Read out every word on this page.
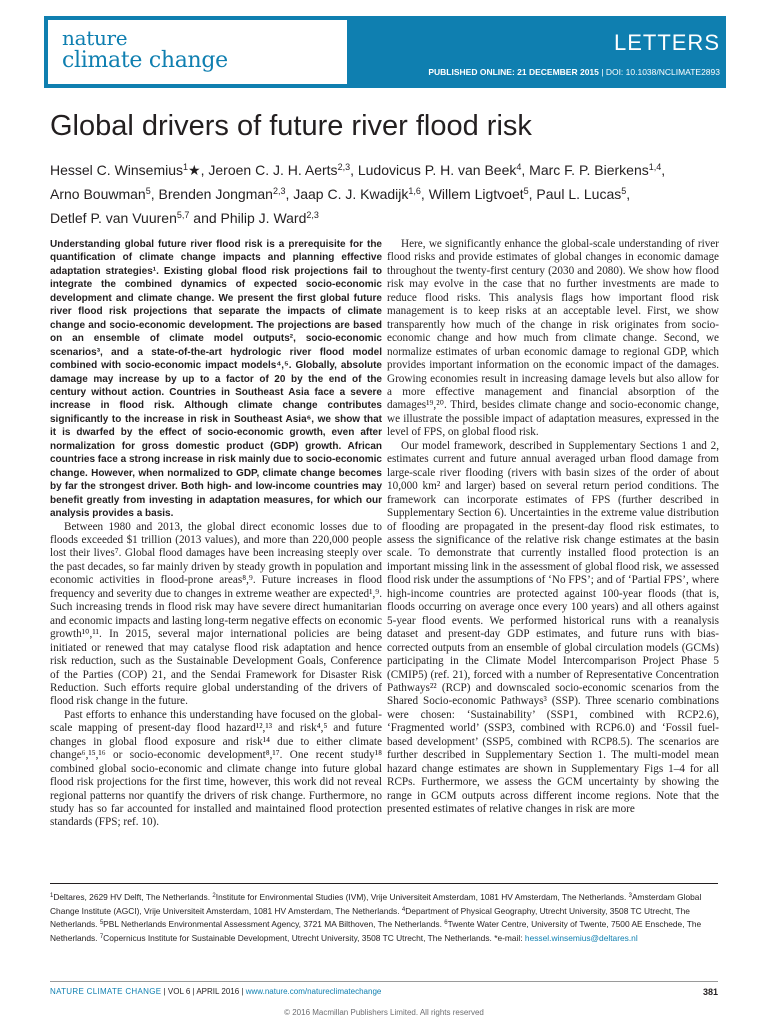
nature
climate change
LETTERS
PUBLISHED ONLINE: 21 DECEMBER 2015 | DOI: 10.1038/NCLIMATE2893
Global drivers of future river flood risk
Hessel C. Winsemius$^1$★, Jeroen C. J. H. Aerts$^{2,3}$, Ludovicus P. H. van Beek$^4$, Marc F. P. Bierkens$^{1,4}$, Arno Bouwman$^5$, Brenden Jongman$^{2,3}$, Jaap C. J. Kwadijk$^{1,6}$, Willem Ligtvoet$^5$, Paul L. Lucas$^5$, Detlef P. van Vuuren$^{5,7}$ and Philip J. Ward$^{2,3}$

Understanding global future river flood risk is a prerequisite for the quantification of climate change impacts and planning effective adaptation strategies¹. Existing global flood risk projections fail to integrate the combined dynamics of expected socio-economic development and climate change. We present the first global future river flood risk projections that separate the impacts of climate change and socio-economic development. The projections are based on an ensemble of climate model outputs², socio-economic scenarios³, and a state-of-the-art hydrologic river flood model combined with socio-economic impact models⁴,⁵. Globally, absolute damage may increase by up to a factor of 20 by the end of the century without action. Countries in Southeast Asia face a severe increase in flood risk. Although climate change contributes significantly to the increase in risk in Southeast Asia⁶, we show that it is dwarfed by the effect of socio-economic growth, even after normalization for gross domestic product (GDP) growth. African countries face a strong increase in risk mainly due to socio-economic change. However, when normalized to GDP, climate change becomes by far the strongest driver. Both high- and low-income countries may benefit greatly from investing in adaptation measures, for which our analysis provides a basis.

Between 1980 and 2013, the global direct economic losses due to floods exceeded $1 trillion (2013 values), and more than 220,000 people lost their lives⁷. Global flood damages have been increasing steeply over the past decades, so far mainly driven by steady growth in population and economic activities in flood-prone areas⁸,⁹. Future increases in flood frequency and severity due to changes in extreme weather are expected¹,⁹. Such increasing trends in flood risk may have severe direct humanitarian and economic impacts and lasting long-term negative effects on economic growth¹⁰,¹¹. In 2015, several major international policies are being initiated or renewed that may catalyse flood risk adaptation and hence risk reduction, such as the Sustainable Development Goals, Conference of the Parties (COP) 21, and the Sendai Framework for Disaster Risk Reduction. Such efforts require global understanding of the drivers of flood risk change in the future.

Past efforts to enhance this understanding have focused on the global-scale mapping of present-day flood hazard¹²,¹³ and risk⁴,⁵ and future changes in global flood exposure and risk¹⁴ due to either climate change⁶,¹⁵,¹⁶ or socio-economic development⁸,¹⁷. One recent study¹⁸ combined global socio-economic and climate change into future global flood risk projections for the first time, however, this work did not reveal regional patterns nor quantify the drivers of risk change. Furthermore, no study has so far accounted for installed and maintained flood protection standards (FPS; ref. 10).

Here, we significantly enhance the global-scale understanding of river flood risks and provide estimates of global changes in economic damage throughout the twenty-first century (2030 and 2080). We show how flood risk may evolve in the case that no further investments are made to reduce flood risks. This analysis flags how important flood risk management is to keep risks at an acceptable level. First, we show transparently how much of the change in risk originates from socio-economic change and how much from climate change. Second, we normalize estimates of urban economic damage to regional GDP, which provides important information on the economic impact of the damages. Growing economies result in increasing damage levels but also allow for a more effective management and financial absorption of the damages¹⁹,²⁰. Third, besides climate change and socio-economic change, we illustrate the possible impact of adaptation measures, expressed in the level of FPS, on global flood risk.

Our model framework, described in Supplementary Sections 1 and 2, estimates current and future annual averaged urban flood damage from large-scale river flooding (rivers with basin sizes of the order of about 10,000 km² and larger) based on several return period conditions. The framework can incorporate estimates of FPS (further described in Supplementary Section 6). Uncertainties in the extreme value distribution of flooding are propagated in the present-day flood risk estimates, to assess the significance of the relative risk change estimates at the basin scale. To demonstrate that currently installed flood protection is an important missing link in the assessment of global flood risk, we assessed flood risk under the assumptions of ‘No FPS’; and of ‘Partial FPS’, where high-income countries are protected against 100-year floods (that is, floods occurring on average once every 100 years) and all others against 5-year flood events. We performed historical runs with a reanalysis dataset and present-day GDP estimates, and future runs with bias-corrected outputs from an ensemble of global circulation models (GCMs) participating in the Climate Model Intercomparison Project Phase 5 (CMIP5) (ref. 21), forced with a number of Representative Concentration Pathways²² (RCP) and downscaled socio-economic scenarios from the Shared Socio-economic Pathways³ (SSP). Three scenario combinations were chosen: ‘Sustainability’ (SSP1, combined with RCP2.6), ‘Fragmented world’ (SSP3, combined with RCP6.0) and ‘Fossil fuel-based development’ (SSP5, combined with RCP8.5). The scenarios are further described in Supplementary Section 1. The multi-model mean hazard change estimates are shown in Supplementary Figs 1–4 for all RCPs. Furthermore, we assess the GCM uncertainty by showing the range in GCM outputs across different income regions. Note that the presented estimates of relative changes in risk are more

$^1$Deltares, 2629 HV Delft, The Netherlands. $^2$Institute for Environmental Studies (IVM), Vrije Universiteit Amsterdam, 1081 HV Amsterdam, The Netherlands. $^3$Amsterdam Global Change Institute (AGCI), Vrije Universiteit Amsterdam, 1081 HV Amsterdam, The Netherlands. $^4$Department of Physical Geography, Utrecht University, 3508 TC Utrecht, The Netherlands. $^5$PBL Netherlands Environmental Assessment Agency, 3721 MA Bilthoven, The Netherlands. $^6$Twente Water Centre, University of Twente, 7500 AE Enschede, The Netherlands. $^7$Copernicus Institute for Sustainable Development, Utrecht University, 3508 TC Utrecht, The Netherlands. *e-mail: hessel.winsemius@deltares.nl
NATURE CLIMATE CHANGE | VOL 6 | APRIL 2016 | www.nature.com/natureclimatechange	381
© 2016 Macmillan Publishers Limited. All rights reserved
